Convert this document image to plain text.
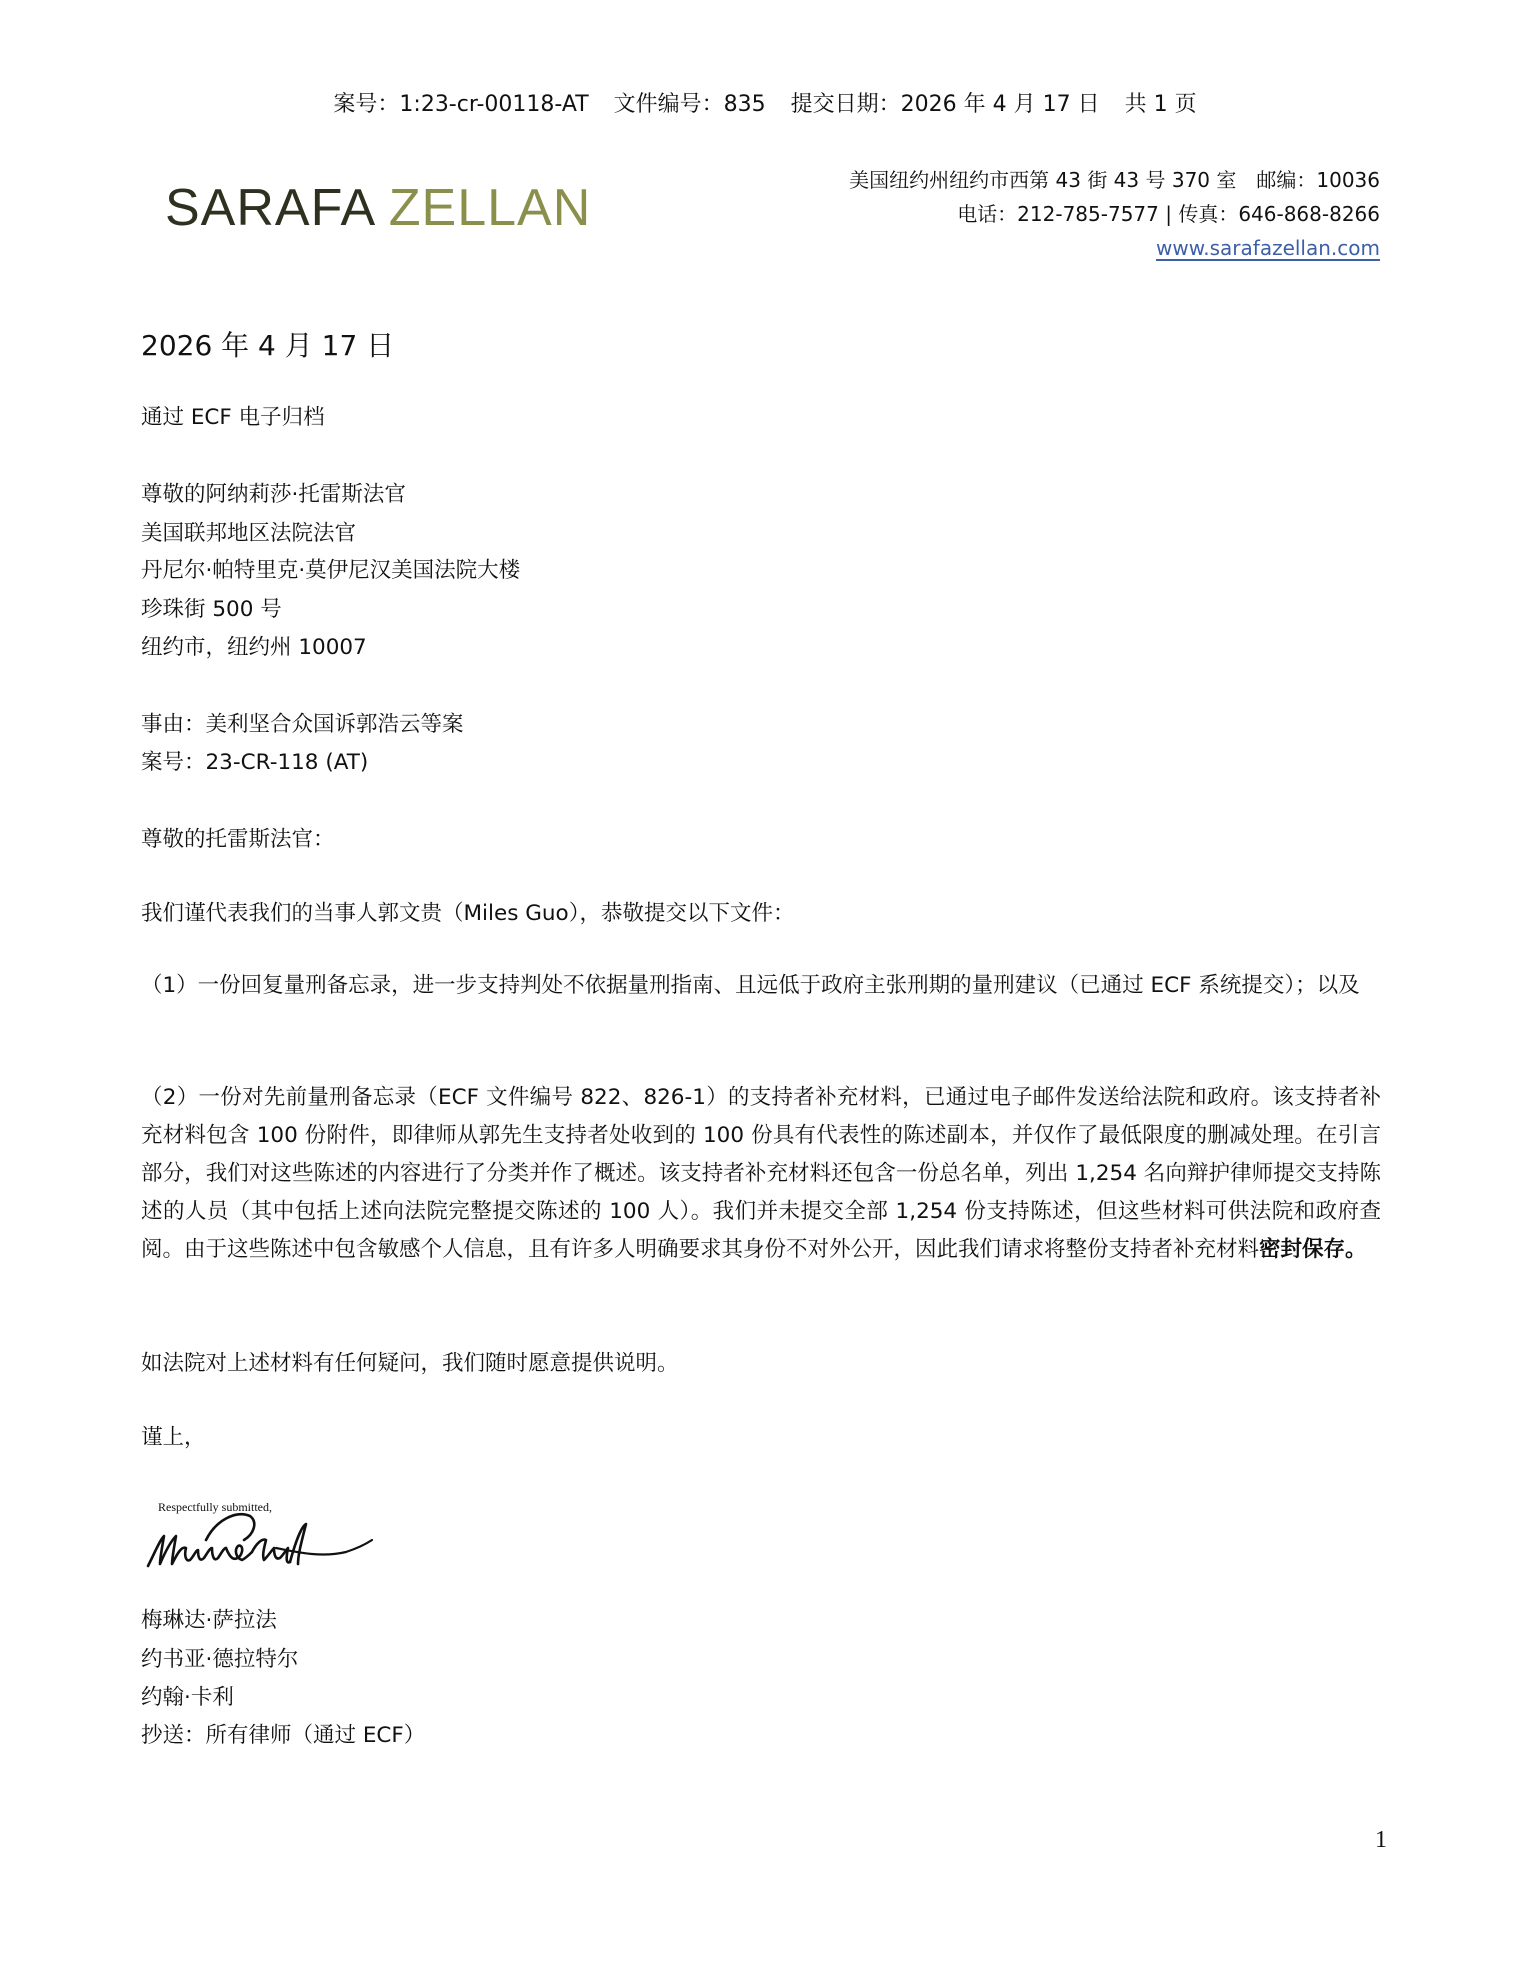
案号：1:23-cr-00118-AT 文件编号：835 提交日期：2026 年 4 月 17 日 共 1 页
SARAFA ZELLAN	美国纽约州纽约市西第 43 街 43 号 370 室　邮编：10036
电话：212-785-7577 | 传真：646-868-8266
www.sarafazellan.com
2026 年 4 月 17 日
通过 ECF 电子归档
尊敬的阿纳莉莎·托雷斯法官
美国联邦地区法院法官
丹尼尔·帕特里克·莫伊尼汉美国法院大楼
珍珠街 500 号
纽约市，纽约州 10007
事由：美利坚合众国诉郭浩云等案
案号：23-CR-118 (AT)
尊敬的托雷斯法官：
我们谨代表我们的当事人郭文贵（Miles Guo），恭敬提交以下文件：
（1）一份回复量刑备忘录，进一步支持判处不依据量刑指南、且远低于政府主张刑期的量刑建议（已通过 ECF 系统提交）；以及
（2）一份对先前量刑备忘录（ECF 文件编号 822、826-1）的支持者补充材料，已通过电子邮件发送给法院和政府。该支持者补充材料包含 100 份附件，即律师从郭先生支持者处收到的 100 份具有代表性的陈述副本，并仅作了最低限度的删减处理。在引言部分，我们对这些陈述的内容进行了分类并作了概述。该支持者补充材料还包含一份总名单，列出 1,254 名向辩护律师提交支持陈述的人员（其中包括上述向法院完整提交陈述的 100 人）。我们并未提交全部 1,254 份支持陈述，但这些材料可供法院和政府查阅。由于这些陈述中包含敏感个人信息，且有许多人明确要求其身份不对外公开，因此我们请求将整份支持者补充材料密封保存。
如法院对上述材料有任何疑问，我们随时愿意提供说明。
谨上，
Respectfully submitted,
梅琳达·萨拉法
约书亚·德拉特尔
约翰·卡利
抄送：所有律师（通过 ECF）
1
